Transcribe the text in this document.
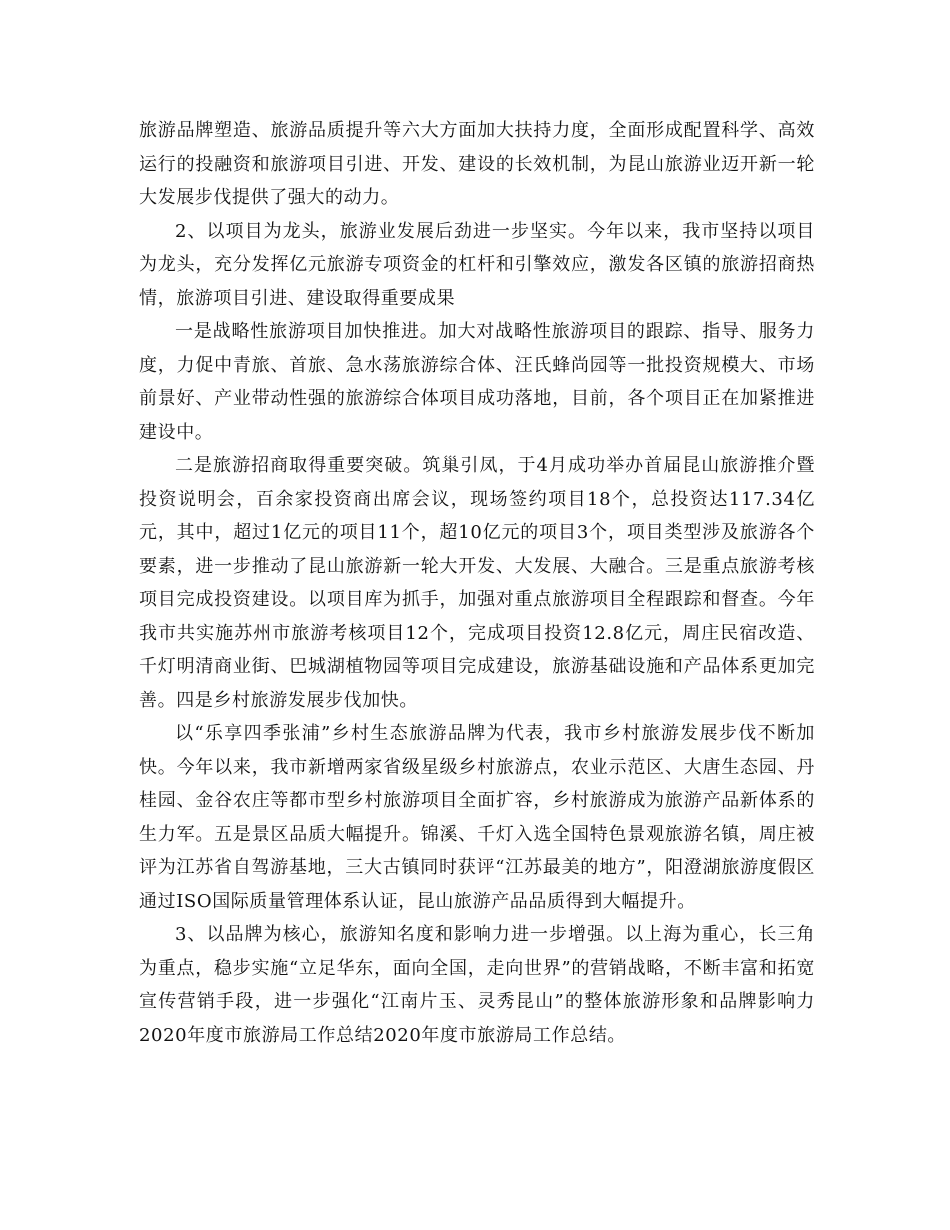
旅游品牌塑造、旅游品质提升等六大方面加大扶持力度，全面形成配置科学、高效运行的投融资和旅游项目引进、开发、建设的长效机制，为昆山旅游业迈开新一轮大发展步伐提供了强大的动力。

2、以项目为龙头，旅游业发展后劲进一步坚实。今年以来，我市坚持以项目为龙头，充分发挥亿元旅游专项资金的杠杆和引擎效应，激发各区镇的旅游招商热情，旅游项目引进、建设取得重要成果

一是战略性旅游项目加快推进。加大对战略性旅游项目的跟踪、指导、服务力度，力促中青旅、首旅、急水荡旅游综合体、汪氏蜂尚园等一批投资规模大、市场前景好、产业带动性强的旅游综合体项目成功落地，目前，各个项目正在加紧推进建设中。

二是旅游招商取得重要突破。筑巢引凤，于4月成功举办首届昆山旅游推介暨投资说明会，百余家投资商出席会议，现场签约项目18个，总投资达117.34亿元，其中，超过1亿元的项目11个，超10亿元的项目3个，项目类型涉及旅游各个要素，进一步推动了昆山旅游新一轮大开发、大发展、大融合。三是重点旅游考核项目完成投资建设。以项目库为抓手，加强对重点旅游项目全程跟踪和督查。今年我市共实施苏州市旅游考核项目12个，完成项目投资12.8亿元，周庄民宿改造、千灯明清商业街、巴城湖植物园等项目完成建设，旅游基础设施和产品体系更加完善。四是乡村旅游发展步伐加快。

以“乐享四季张浦”乡村生态旅游品牌为代表，我市乡村旅游发展步伐不断加快。今年以来，我市新增两家省级星级乡村旅游点，农业示范区、大唐生态园、丹桂园、金谷农庄等都市型乡村旅游项目全面扩容，乡村旅游成为旅游产品新体系的生力军。五是景区品质大幅提升。锦溪、千灯入选全国特色景观旅游名镇，周庄被评为江苏省自驾游基地，三大古镇同时获评“江苏最美的地方”，阳澄湖旅游度假区通过ISO国际质量管理体系认证，昆山旅游产品品质得到大幅提升。

3、以品牌为核心，旅游知名度和影响力进一步增强。以上海为重心，长三角为重点，稳步实施“立足华东，面向全国，走向世界”的营销战略，不断丰富和拓宽宣传营销手段，进一步强化“江南片玉、灵秀昆山”的整体旅游形象和品牌影响力2020年度市旅游局工作总结2020年度市旅游局工作总结。
